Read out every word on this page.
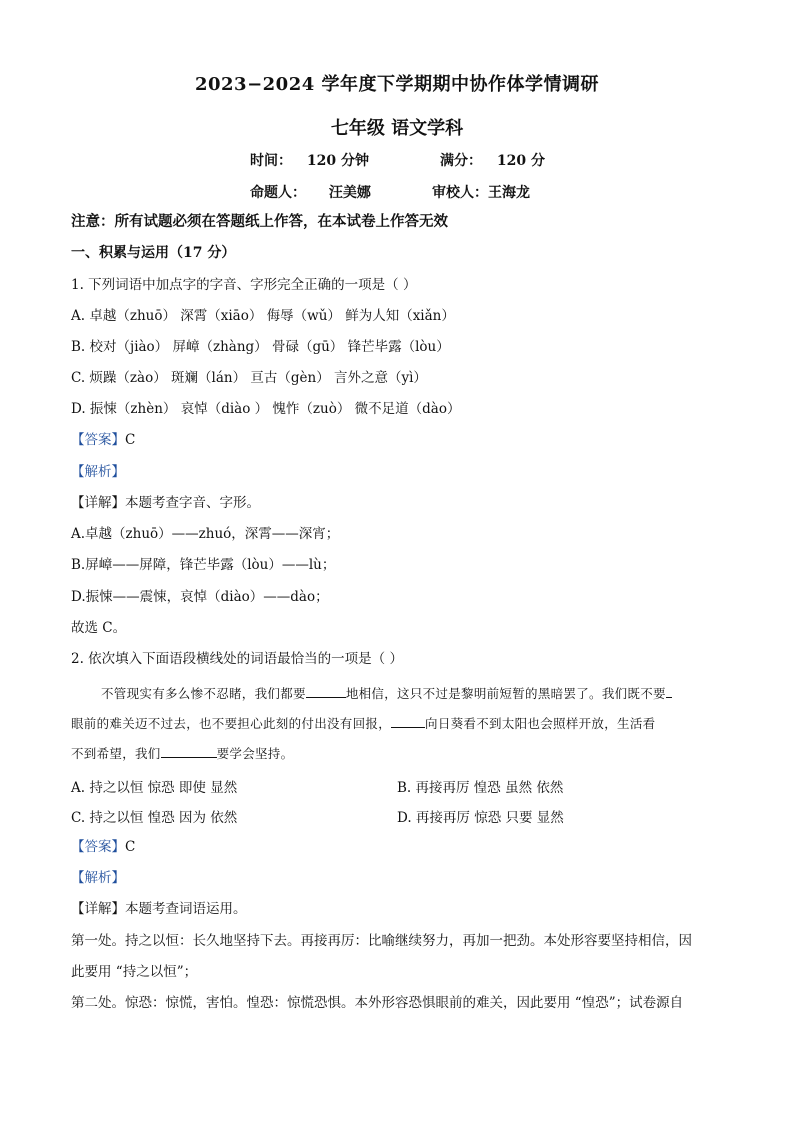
2023−2024 学年度下学期期中协作体学情调研
七年级 语文学科
时间： 120 分钟	满分： 120 分
命题人： 汪美娜	审校人：王海龙
注意：所有试题必须在答题纸上作答，在本试卷上作答无效
一、积累与运用（17 分）
1. 下列词语中加点字的字音、字形完全正确的一项是（ ）
A. 卓越（zhuō） 深霄（xiāo） 侮辱（wǔ） 鲜为人知（xiǎn）
B. 校对（jiào） 屏嶂（zhàng） 骨碌（gū） 锋芒毕露（lòu）
C. 烦躁（zào） 斑斓（lán） 亘古（gèn） 言外之意（yì）
D. 振悚（zhèn） 哀悼（diào ） 愧怍（zuò） 微不足道（dào）
【答案】C
【解析】
【详解】本题考查字音、字形。
A.卓越（zhuō）——zhuó，深霄——深宵；
B.屏嶂——屏障，锋芒毕露（lòu）——lù；
D.振悚——震悚，哀悼（diào）——dào；
故选 C。
2. 依次填入下面语段横线处的词语最恰当的一项是（ ）
不管现实有多么惨不忍睹，我们都要	地相信，这只不过是黎明前短暂的黑暗罢了。我们既不要
眼前的难关迈不过去，也不要担心此刻的付出没有回报，	向日葵看不到太阳也会照样开放，生活看
不到希望，我们	要学会坚持。
A. 持之以恒 惊恐 即使 显然	B. 再接再厉 惶恐 虽然 依然
C. 持之以恒 惶恐 因为 依然	D. 再接再厉 惊恐 只要 显然
【答案】C
【解析】
【详解】本题考查词语运用。
第一处。持之以恒：长久地坚持下去。再接再厉：比喻继续努力，再加一把劲。本处形容要坚持相信，因
此要用 “持之以恒”；
第二处。惊恐：惊慌，害怕。惶恐：惊慌恐惧。本外形容恐惧眼前的难关，因此要用 “惶恐”；试卷源自
